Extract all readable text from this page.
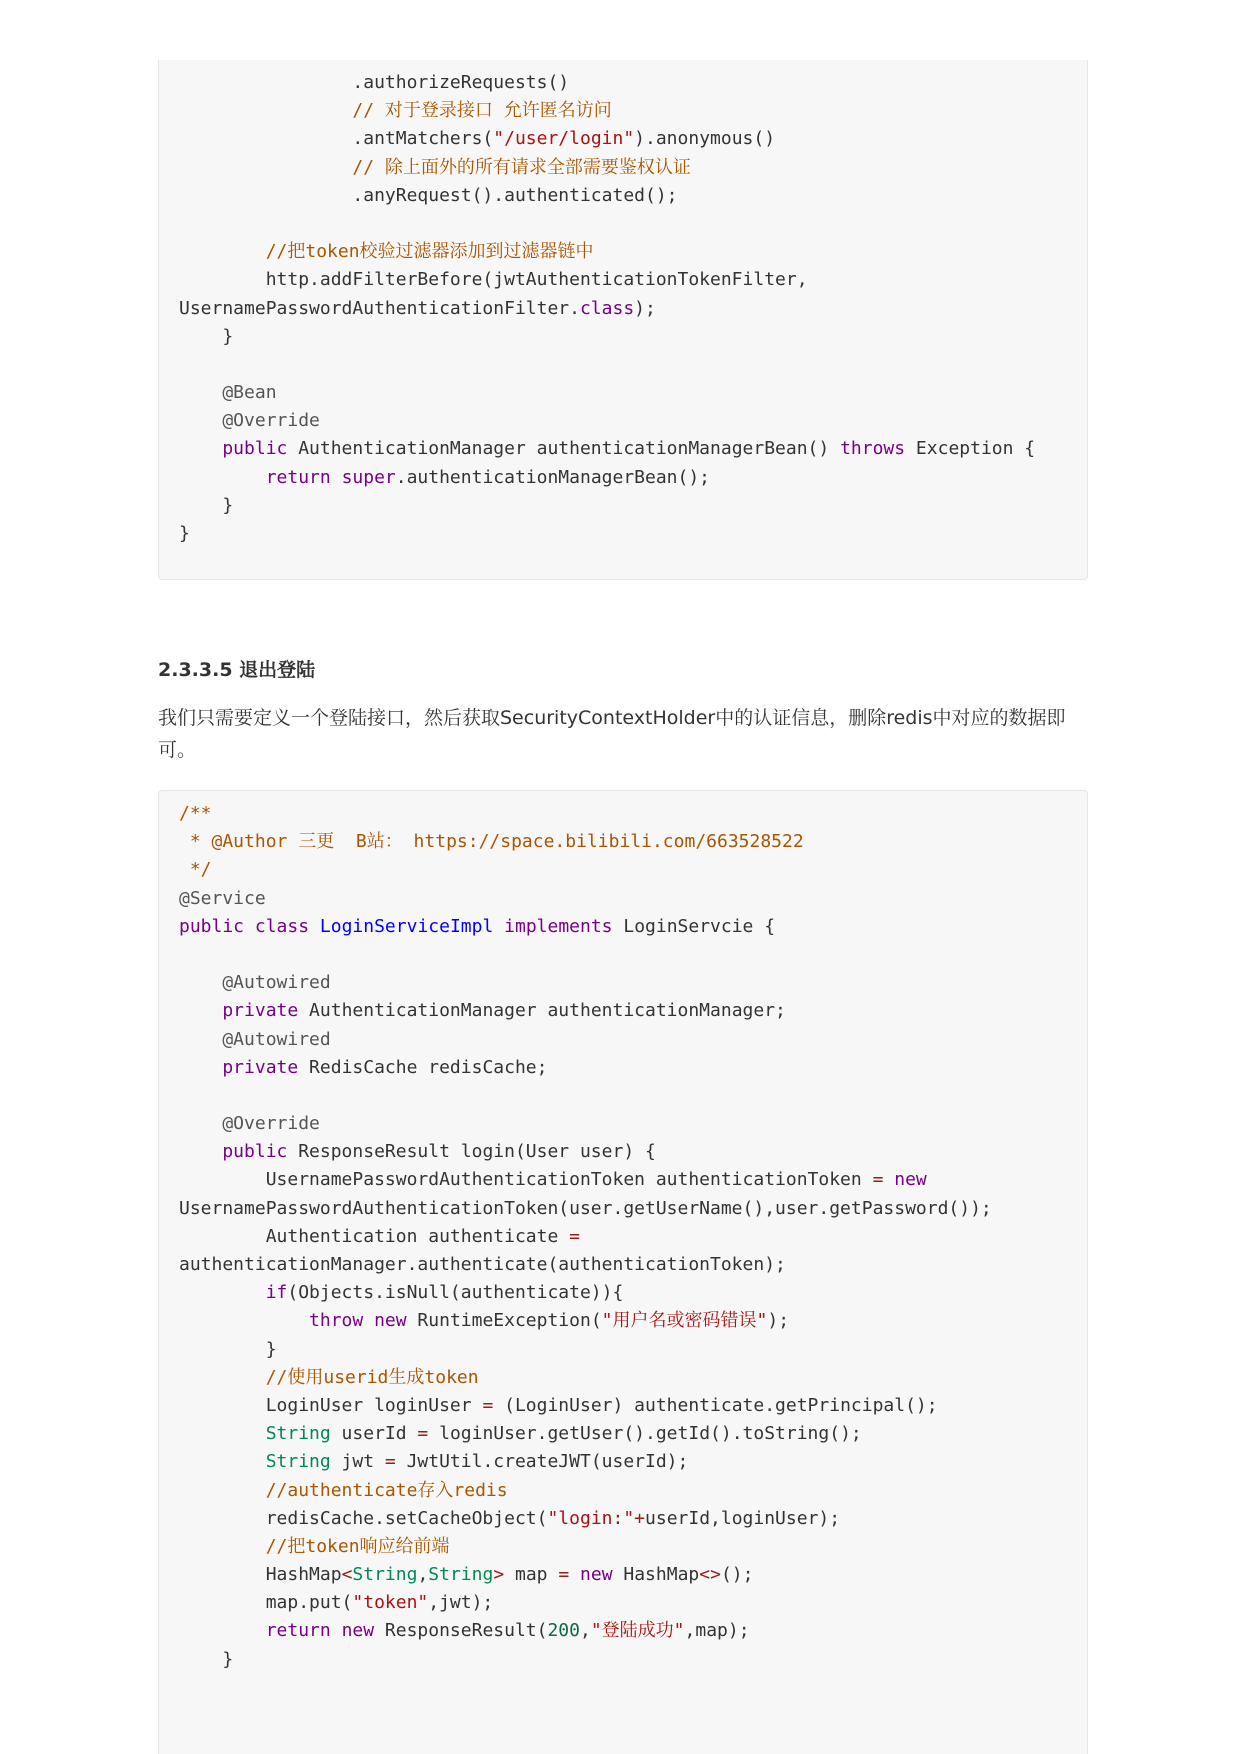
.authorizeRequests()
// 对于登录接口 允许匿名访问
.antMatchers("/user/login").anonymous()
// 除上面外的所有请求全部需要鉴权认证
.anyRequest().authenticated();
//把token校验过滤器添加到过滤器链中
http.addFilterBefore(jwtAuthenticationTokenFilter,
UsernamePasswordAuthenticationFilter.class);
}
@Bean
@Override
public AuthenticationManager authenticationManagerBean() throws Exception {
return super.authenticationManagerBean();
}
}
2.3.3.5 退出登陆

我们只需要定义一个登陆接口，然后获取SecurityContextHolder中的认证信息，删除redis中对应的数据即可。

/**
* @Author 三更  B站： https://space.bilibili.com/663528522
*/
@Service
public class LoginServiceImpl implements LoginServcie {
@Autowired
private AuthenticationManager authenticationManager;
@Autowired
private RedisCache redisCache;
@Override
public ResponseResult login(User user) {
UsernamePasswordAuthenticationToken authenticationToken = new
UsernamePasswordAuthenticationToken(user.getUserName(),user.getPassword());
Authentication authenticate =
authenticationManager.authenticate(authenticationToken);
if(Objects.isNull(authenticate)){
throw new RuntimeException("用户名或密码错误");
}
//使用userid生成token
LoginUser loginUser = (LoginUser) authenticate.getPrincipal();
String userId = loginUser.getUser().getId().toString();
String jwt = JwtUtil.createJWT(userId);
//authenticate存入redis
redisCache.setCacheObject("login:"+userId,loginUser);
//把token响应给前端
HashMap<String,String> map = new HashMap<>();
map.put("token",jwt);
return new ResponseResult(200,"登陆成功",map);
}
